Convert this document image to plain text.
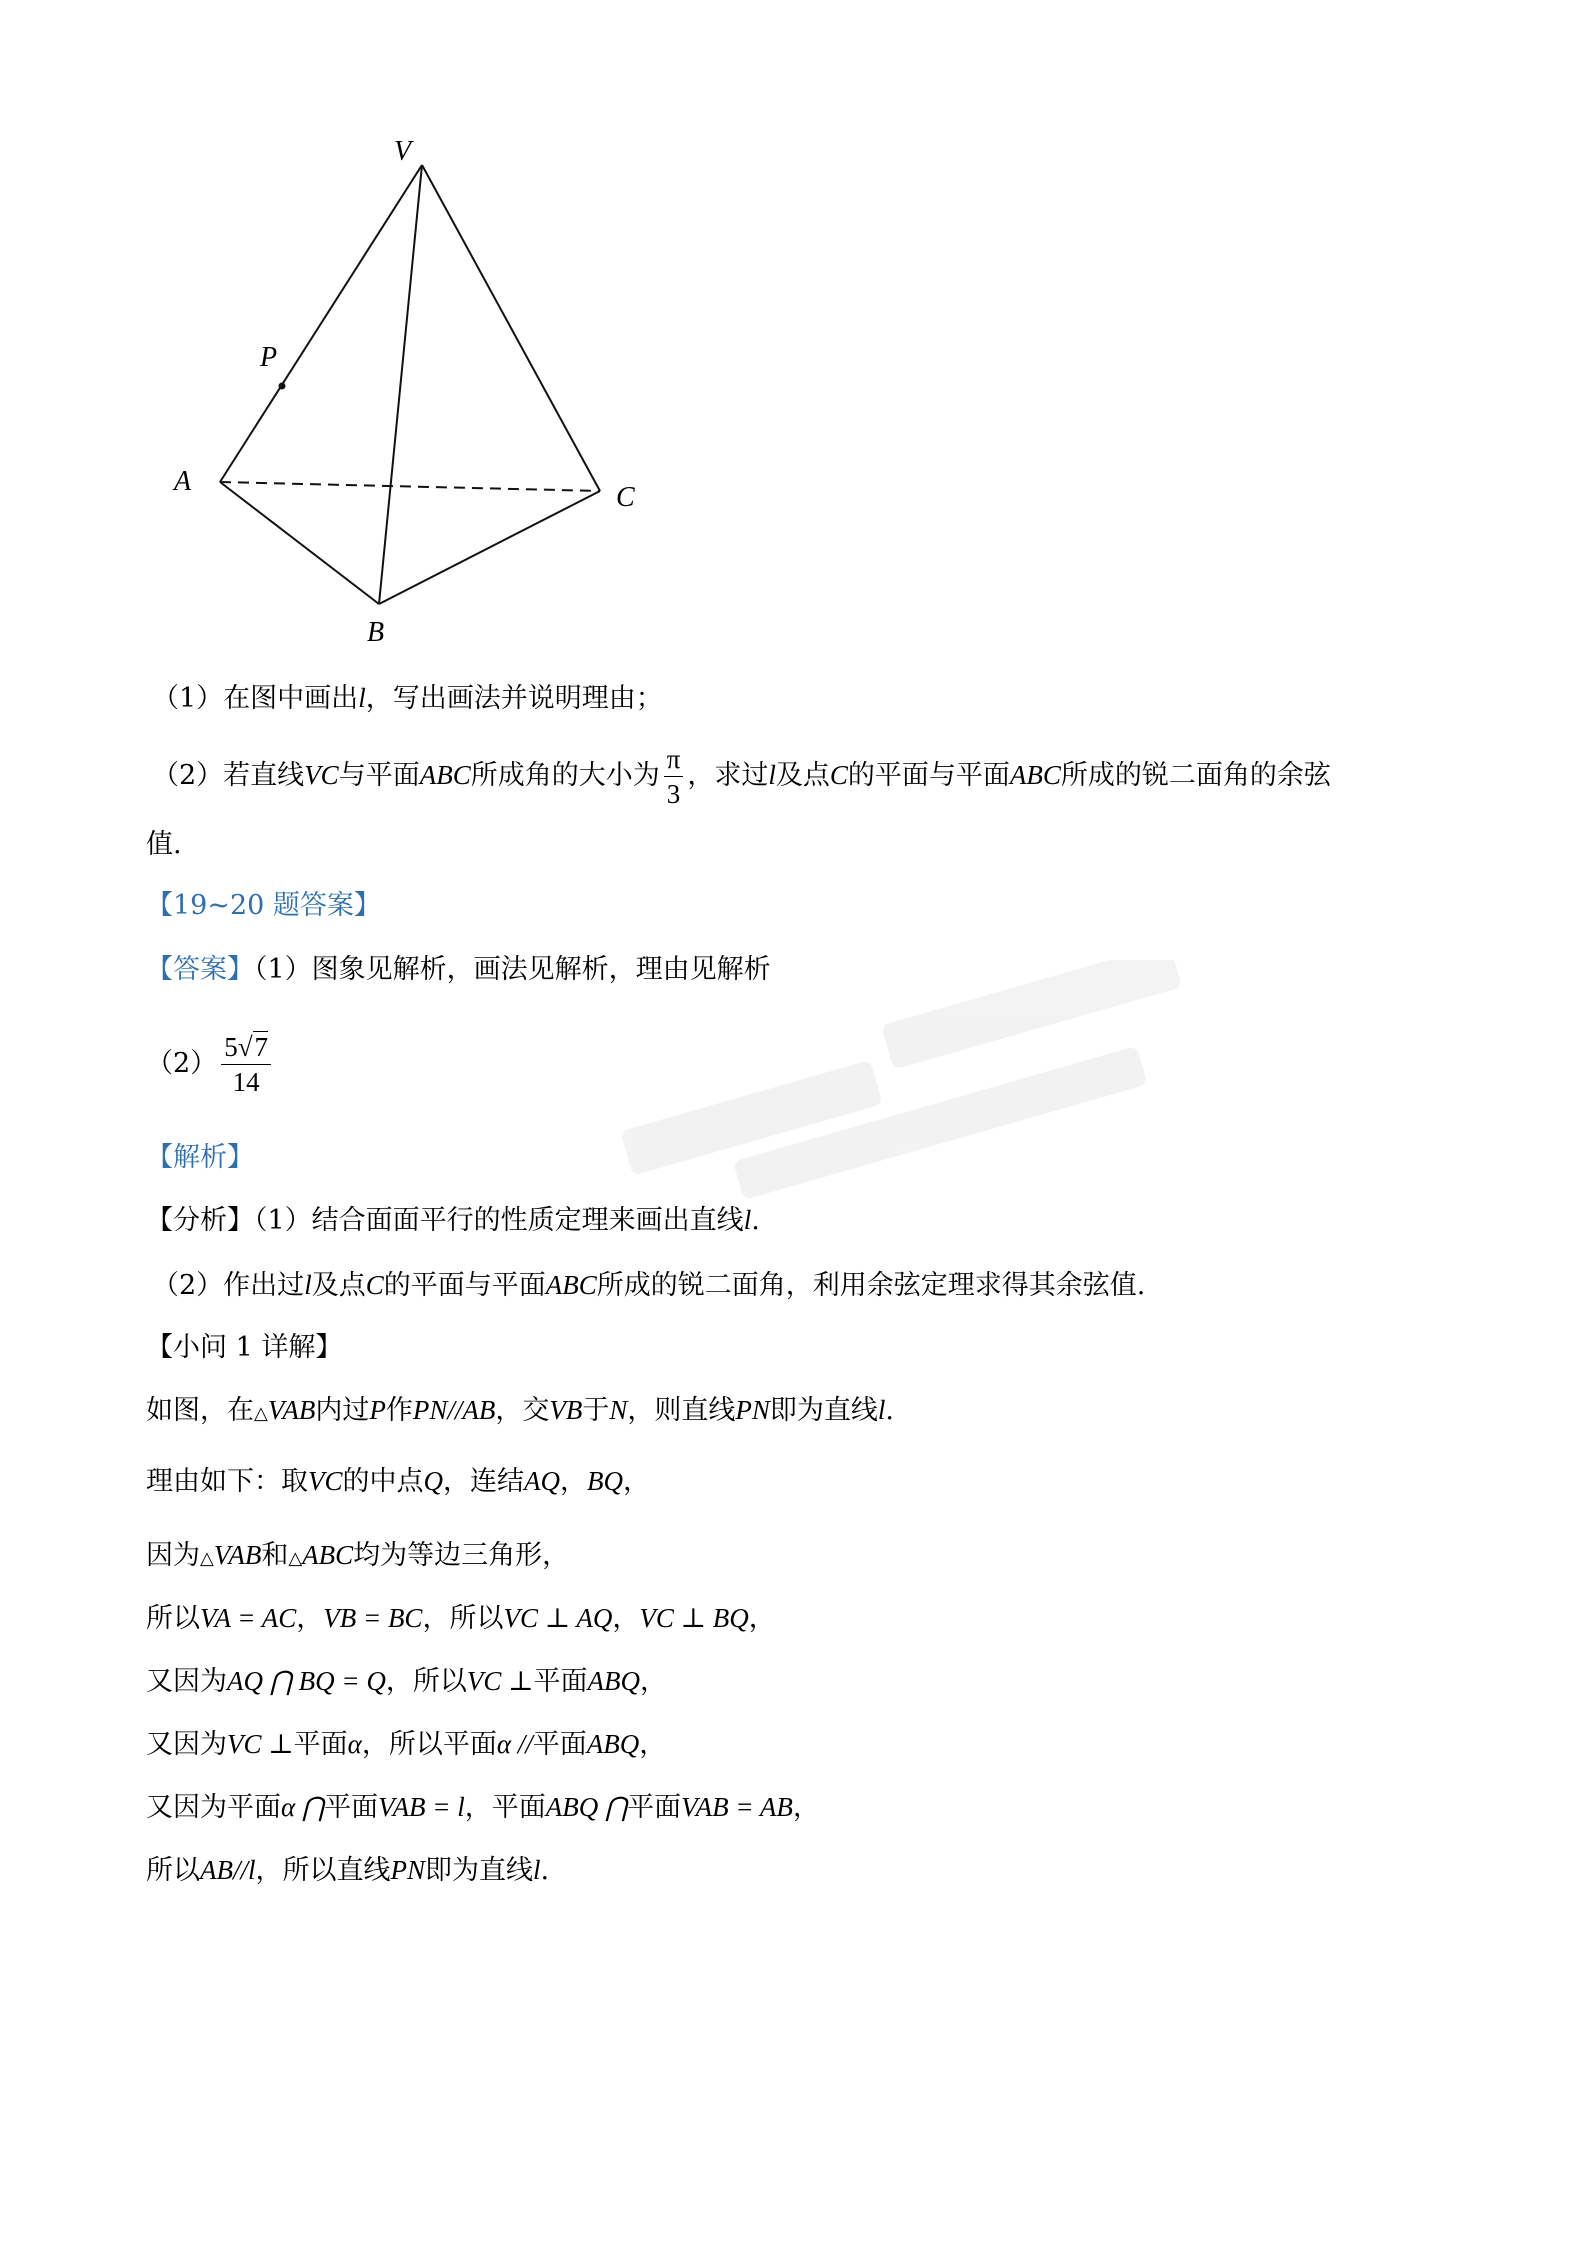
V
P
A
B
C
（1）在图中画出l，写出画法并说明理由；
（2）若直线VC与平面ABC所成角的大小为 $\frac{\pi}{3}$ ，求过l及点C的平面与平面ABC所成的锐二面角的余弦
值.
【19~20 题答案】
【答案】（1）图象见解析，画法见解析，理由见解析
$(2) \frac{5√7}{14}$
【解析】
【分析】（1）结合面面平行的性质定理来画出直线l.
（2）作出过l及点C的平面与平面ABC所成的锐二面角，利用余弦定理求得其余弦值.
【小问 1 详解】
如图，在△VAB内过P作PN//AB，交VB于N，则直线PN即为直线l.
理由如下：取VC的中点Q，连结AQ，BQ，
因为△VAB和△ABC均为等边三角形，
所以VA = AC，VB = BC，所以VC ⊥ AQ，VC ⊥ BQ，
又因为AQ ⋂ BQ = Q，所以VC ⊥平面ABQ，
又因为VC ⊥平面α，所以平面α //平面ABQ，
又因为平面α ⋂平面VAB = l，平面ABQ ⋂平面VAB = AB，
所以AB//l，所以直线PN即为直线l.
